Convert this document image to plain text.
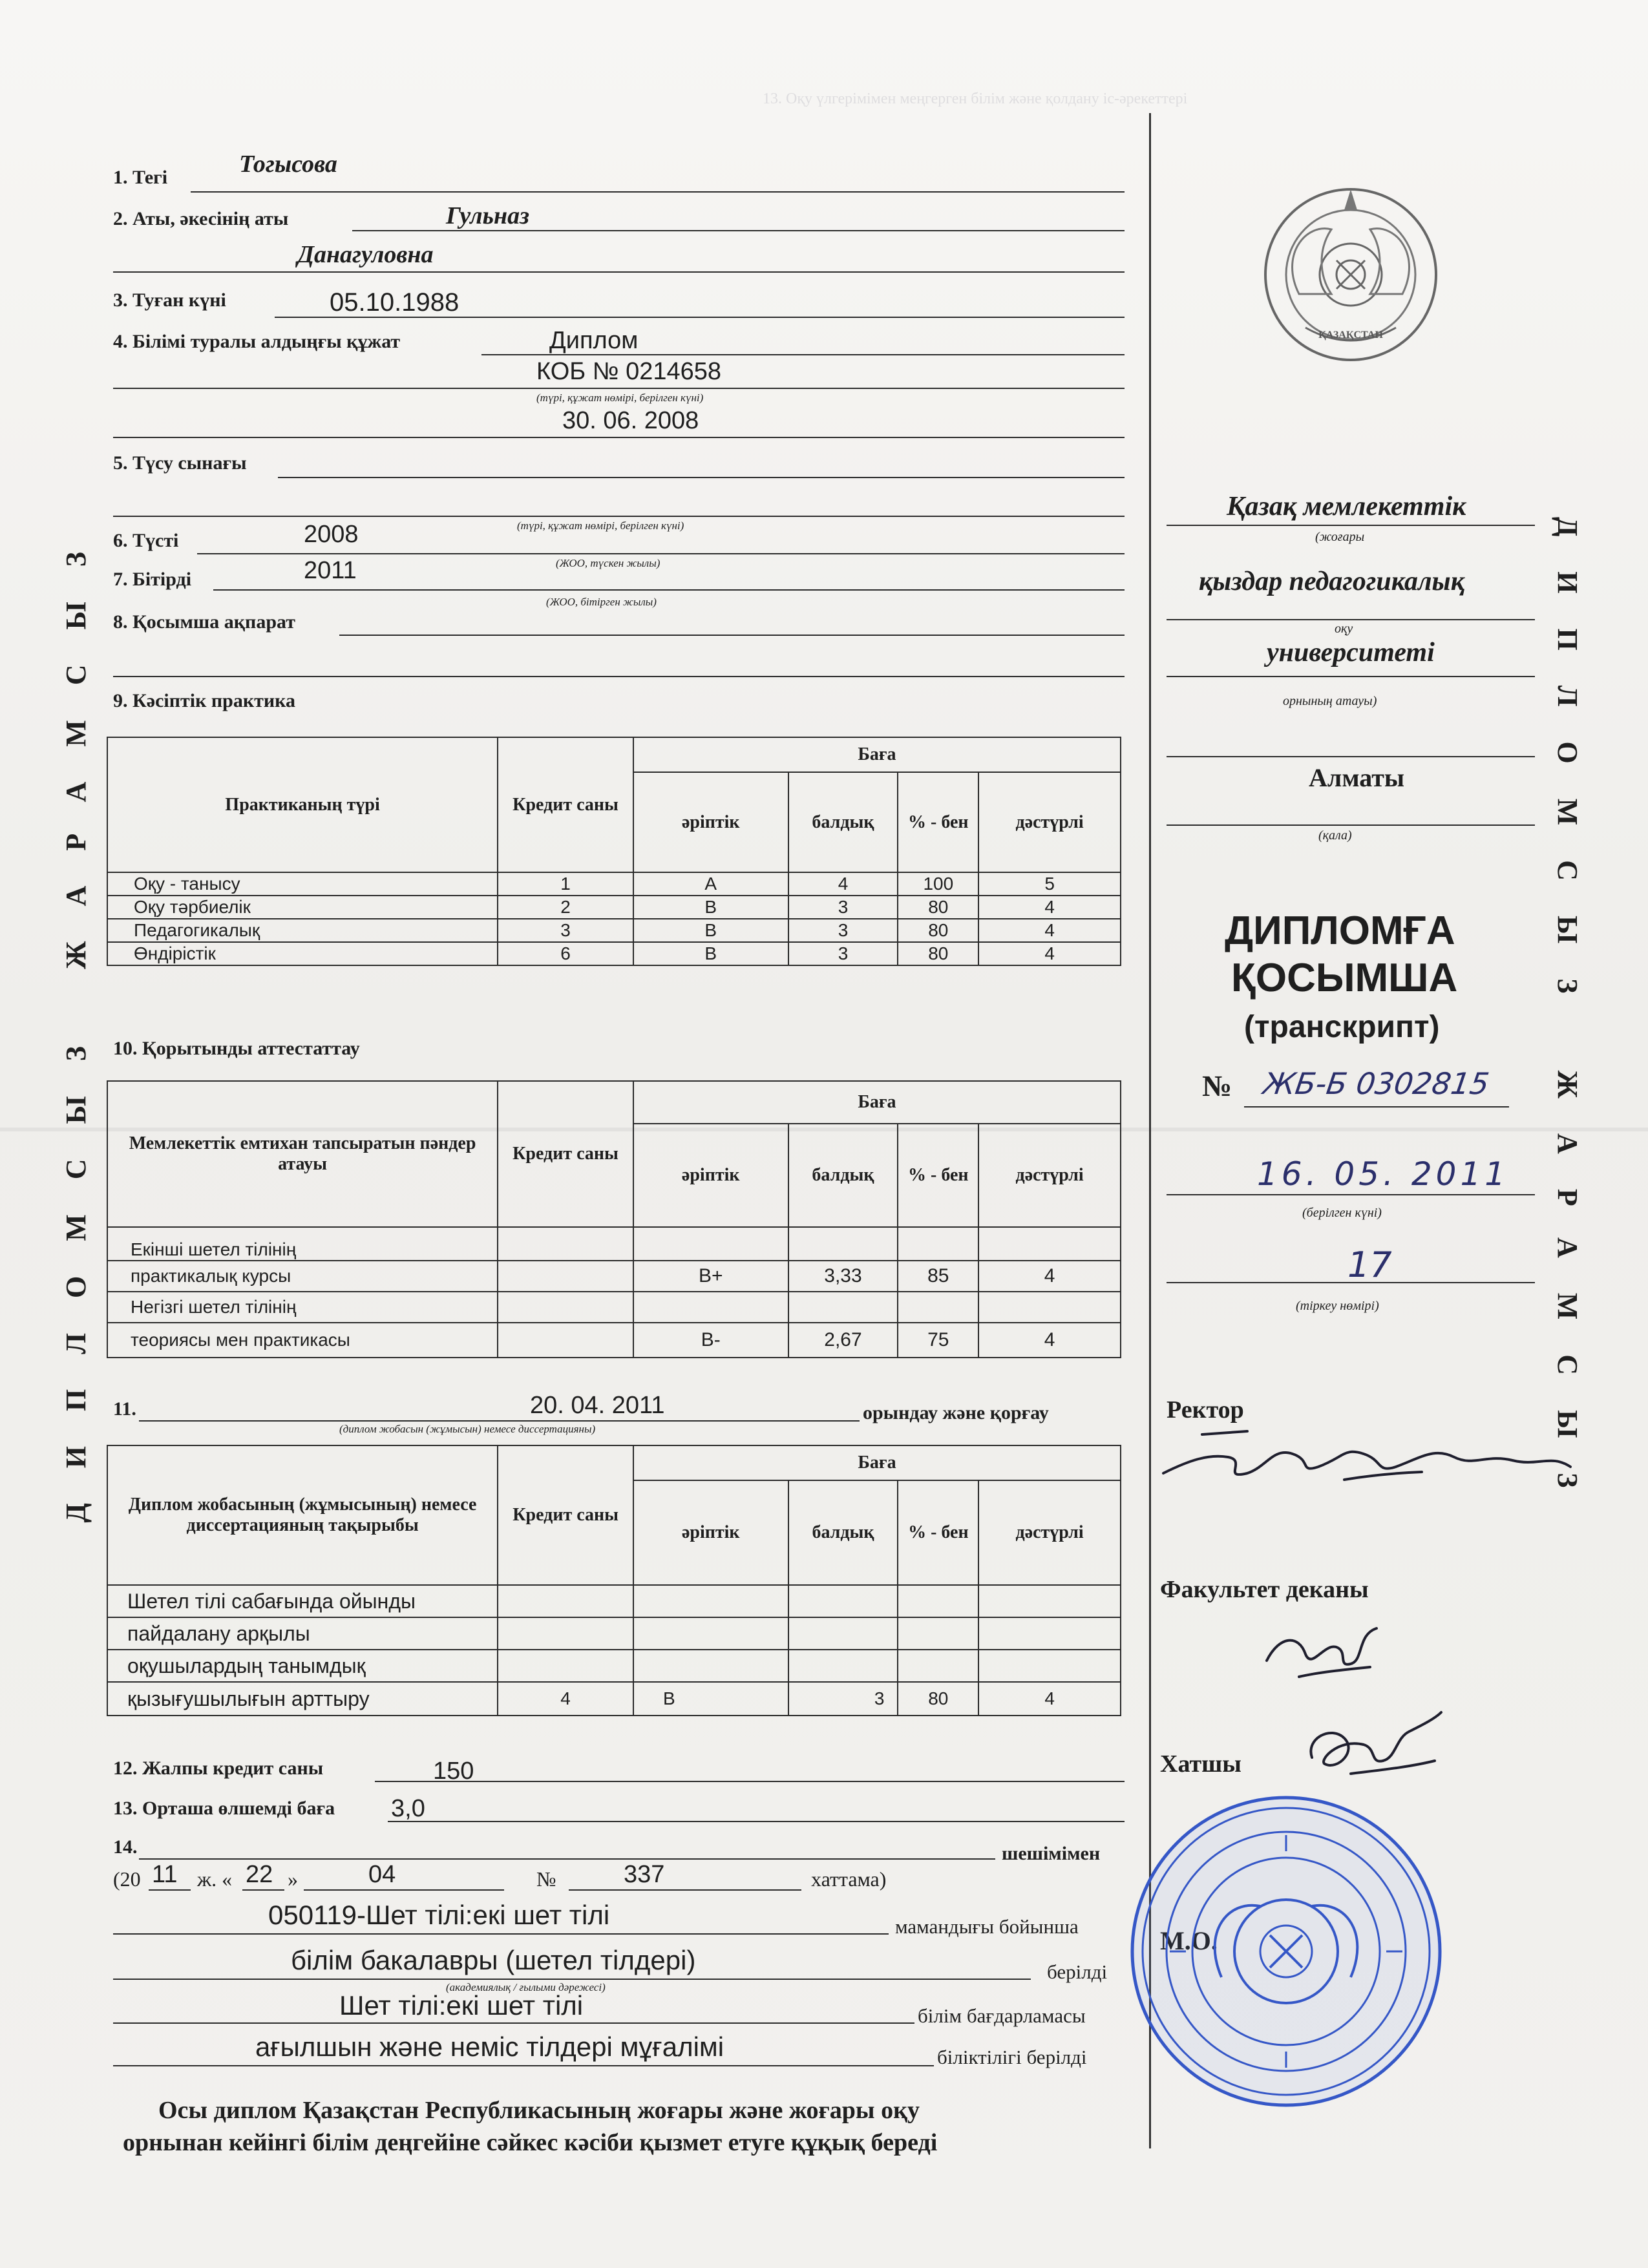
13. Оқу үлгерімімен меңгерген білім және қолдану іс-әрекеттері
ДИПЛОМСЫЗ ЖАРАМСЫЗ	ДИПЛОМСЫЗ ЖАРАМСЫЗ
1. Тегі	Тогысова
2. Аты, әкесінің аты	Гульназ
Данагуловна
3. Туған күні	05.10.1988
4. Білімі туралы алдыңғы құжат	Диплом
КОБ № 0214658
(түрі, құжат нөмірі, берілген күні)
30. 06. 2008
5. Түсу сынағы
(түрі, құжат нөмірі, берілген күні)
6. Түсті	2008
(ЖОО, түскен жылы)
7. Бітірді	2011
(ЖОО, бітірген жылы)
8. Қосымша ақпарат
9. Кәсіптік практика
Практиканың түрі	Кредит саны	Баға			
		әріптік	балдық	% - бен	дәстүрлі
Оқу - танысу	1	A	4	100	5
Оқу тәрбиелік	2	B	3	80	4
Педагогикалық	3	B	3	80	4
Өндірістік	6	B	3	80	4
10. Қорытынды аттестаттау
Мемлекеттік емтихан тапсыратын пәндер атауы	Кредит саны	Баға			
		әріптік	балдық	% - бен	дәстүрлі
Екінші шетел тілінің					
практикалық курсы		B+	3,33	85	4
Негізгі шетел тілінің					
теориясы мен практикасы		B-	2,67	75	4
11.	20. 04. 2011	орындау және қорғау
(диплом жобасын (жұмысын) немесе диссертацияны)
Диплом жобасының (жұмысының) немесе диссертацияның тақырыбы	Кредит саны	Баға			
		әріптік	балдық	% - бен	дәстүрлі
Шетел тілі сабағында ойынды					
пайдалану арқылы					
оқушылардың танымдық					
қызығушылығын арттыру	4	B	3	80	4
12. Жалпы кредит саны	150
13. Орташа өлшемді баға 3,0
14.	шешімімен
(20 11 ж. « 22 »	04	№	337	хаттама)
050119-Шет тілі:екі шет тілі	мамандығы бойынша
білім бакалавры (шетел тілдері)	берілді
(академиялық / ғылыми дәрежесі)
Шет тілі:екі шет тілі	білім бағдарламасы
ағылшын және неміс тілдері мұғалімі	біліктілігі берілді
Осы диплом Қазақстан Республикасының жоғары және жоғары оқу
орнынан кейінгі білім деңгейіне сәйкес кәсіби қызмет етуге құқық береді
ҚАЗАҚСТАН
Қазақ мемлекеттік
(жоғары
қыздар педагогикалық
оқу
университеті
орнының атауы)
Алматы
(қала)
ДИПЛОМҒА
ҚОСЫМША
(транскрипт)
№ ЖБ-Б 0302815
16. 05. 2011
(берілген күні)
17
(тіркеу нөмірі)
Ректор
Факультет деканы
Хатшы
